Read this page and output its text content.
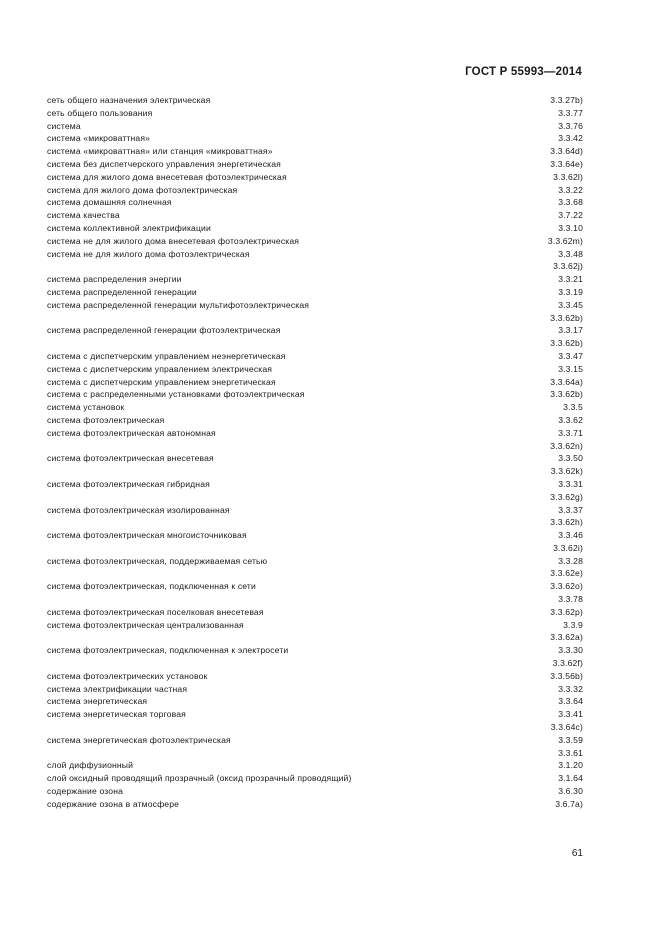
ГОСТ Р 55993—2014
сеть общего назначения электрическая	3.3.27b)
сеть общего пользования	3.3.77
система	3.3.76
система «микроваттная»	3.3.42
система «микроваттная» или станция «микроваттная»	3.3.64d)
система без диспетчерского управления энергетическая	3.3.64e)
система для жилого дома внесетевая фотоэлектрическая	3.3.62l)
система для жилого дома фотоэлектрическая	3.3.22
система домашняя солнечная	3.3.68
система качества	3.7.22
система коллективной электрификации	3.3.10
система не для жилого дома внесетевая фотоэлектрическая	3.3.62m)
система не для жилого дома фотоэлектрическая	3.3.48
3.3.62j)
система распределения энергии	3.3.21
система распределенной генерации	3.3.19
система распределенной генерации мультифотоэлектрическая	3.3.45
3.3.62b)
система распределенной генерации фотоэлектрическая	3.3.17
3.3.62b)
система с диспетчерским управлением неэнергетическая	3.3.47
система с диспетчерским управлением электрическая	3.3.15
система с диспетчерским управлением энергетическая	3.3.64a)
система с распределенными установками фотоэлектрическая	3.3.62b)
система установок	3.3.5
система фотоэлектрическая	3.3.62
система фотоэлектрическая автономная	3.3.71
3.3.62n)
система фотоэлектрическая внесетевая	3.3.50
3.3.62k)
система фотоэлектрическая гибридная	3.3.31
3.3.62g)
система фотоэлектрическая изолированная	3.3.37
3.3.62h)
система фотоэлектрическая многоисточниковая	3.3.46
3.3.62i)
система фотоэлектрическая, поддерживаемая сетью	3.3.28
3.3.62e)
система фотоэлектрическая, подключенная к сети	3.3.62o)
3.3.78
система фотоэлектрическая поселковая внесетевая	3.3.62p)
система фотоэлектрическая централизованная	3.3.9
3.3.62a)
система фотоэлектрическая, подключенная к электросети	3.3.30
3.3.62f)
система фотоэлектрических установок	3.3.56b)
система электрификации частная	3.3.32
система энергетическая	3.3.64
система энергетическая торговая	3.3.41
3.3.64c)
система энергетическая фотоэлектрическая	3.3.59
3.3.61
слой диффузионный	3.1.20
слой оксидный проводящий прозрачный (оксид прозрачный проводящий)	3.1.64
содержание озона	3.6.30
содержание озона в атмосфере	3.6.7a)
61
